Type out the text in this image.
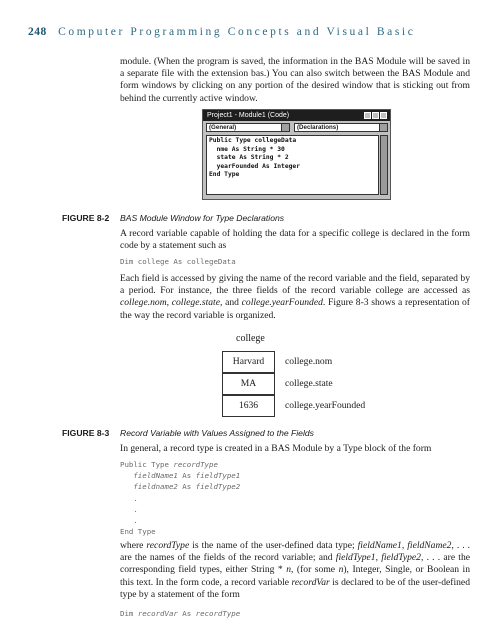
248 Computer Programming Concepts and Visual Basic

module. (When the program is saved, the information in the BAS Module will be saved in a separate file with the extension bas.) You can also switch between the BAS Module and form windows by clicking on any portion of the desired window that is sticking out from behind the currently active window.

Project1 - Module1 (Code)
(General)	(Declarations)
Public Type collegeData
nme As String * 30
state As String * 2
yearFounded As Integer
End Type
FIGURE 8-2 BAS Module Window for Type Declarations

A record variable capable of holding the data for a specific college is declared in the form code by a statement such as

Dim college As collegeData

Each field is accessed by giving the name of the record variable and the field, separated by a period. For instance, the three fields of the record variable college are accessed as college.nom, college.state, and college.yearFounded. Figure 8-3 shows a representation of the way the record variable is organized.

college
Harvard	college.nom
MA	college.state
1636	college.yearFounded
FIGURE 8-3 Record Variable with Values Assigned to the Fields

In general, a record type is created in a BAS Module by a Type block of the form

Public Type recordType
fieldName1 As fieldType1
fieldname2 As fieldType2
.
.
.
End Type

where recordType is the name of the user-defined data type; fieldName1, fieldName2, . . . are the names of the fields of the record variable; and fieldType1, fieldType2, . . . are the corresponding field types, either String * n, (for some n), Integer, Single, or Boolean in this text. In the form code, a record variable recordVar is declared to be of the user-defined type by a statement of the form

Dim recordVar As recordType
